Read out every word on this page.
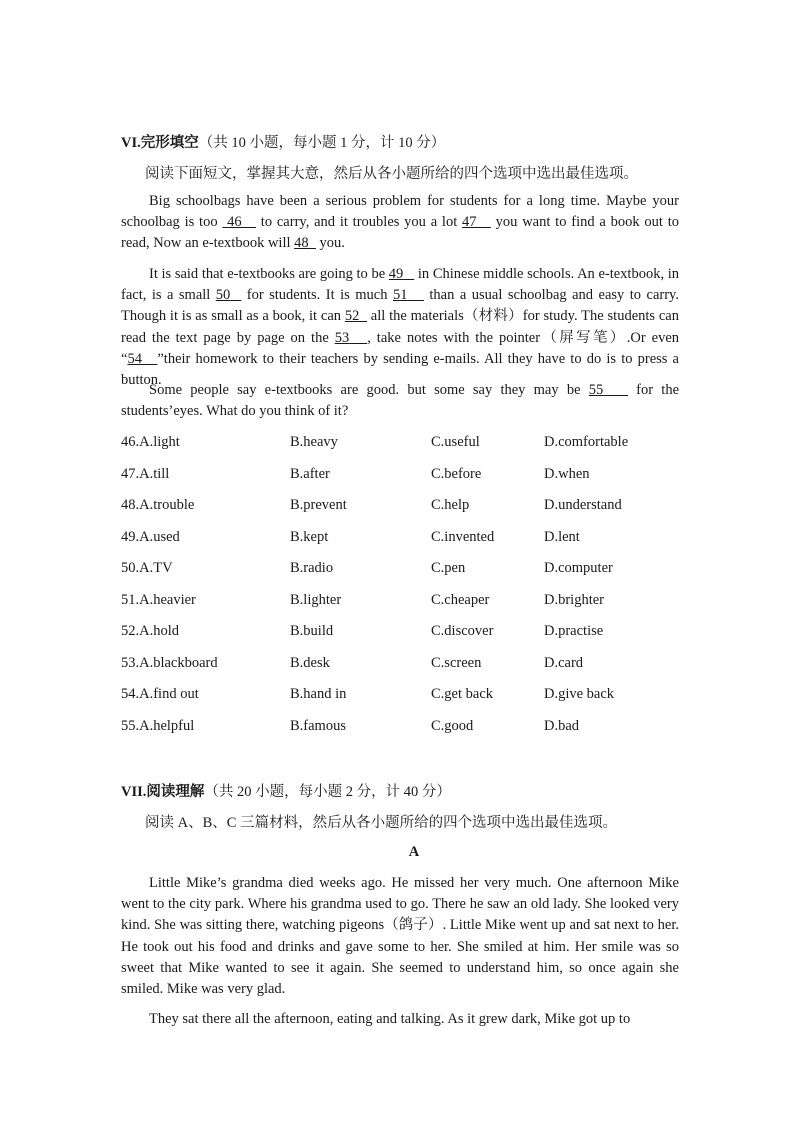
VI.完形填空（共 10 小题，每小题 1 分，计 10 分）
阅读下面短文，掌握其大意，然后从各小题所给的四个选项中选出最佳选项。
Big schoolbags have been a serious problem for students for a long time. Maybe your schoolbag is too  46    to carry, and it troubles you a lot 47    you want to find a book out to read, Now an e-textbook will 48   you.
It is said that e-textbooks are going to be 49    in Chinese middle schools. An e-textbook, in fact, is a small 50   for students. It is much 51    than a usual schoolbag and easy to carry. Though it is as small as a book, it can 52   all the materials（材料）for study. The students can read the text page by page on the 53 , take notes with the pointer（屏写笔）.Or even “54 ”their homework to their teachers by sending e-mails. All they have to do is to press a button.
Some people say e-textbooks are good. but some say they may be 55    for the students’eyes. What do you think of it?
46.A.light	B.heavy	C.useful	D.comfortable
47.A.till	B.after	C.before	D.when
48.A.trouble	B.prevent	C.help	D.understand
49.A.used	B.kept	C.invented	D.lent
50.A.TV	B.radio	C.pen	D.computer
51.A.heavier	B.lighter	C.cheaper	D.brighter
52.A.hold	B.build	C.discover	D.practise
53.A.blackboard	B.desk	C.screen	D.card
54.A.find out	B.hand in	C.get back	D.give back
55.A.helpful	B.famous	C.good	D.bad
VII.阅读理解（共 20 小题，每小题 2 分，计 40 分）
阅读 A、B、C 三篇材料，然后从各小题所给的四个选项中选出最佳选项。
A
Little Mike’s grandma died weeks ago. He missed her very much. One afternoon Mike went to the city park. Where his grandma used to go. There he saw an old lady. She looked very kind. She was sitting there, watching pigeons（鸽子）. Little Mike went up and sat next to her. He took out his food and drinks and gave some to her. She smiled at him. Her smile was so sweet that Mike wanted to see it again. She seemed to understand him, so once again she smiled. Mike was very glad.
They sat there all the afternoon, eating and talking. As it grew dark, Mike got up to
